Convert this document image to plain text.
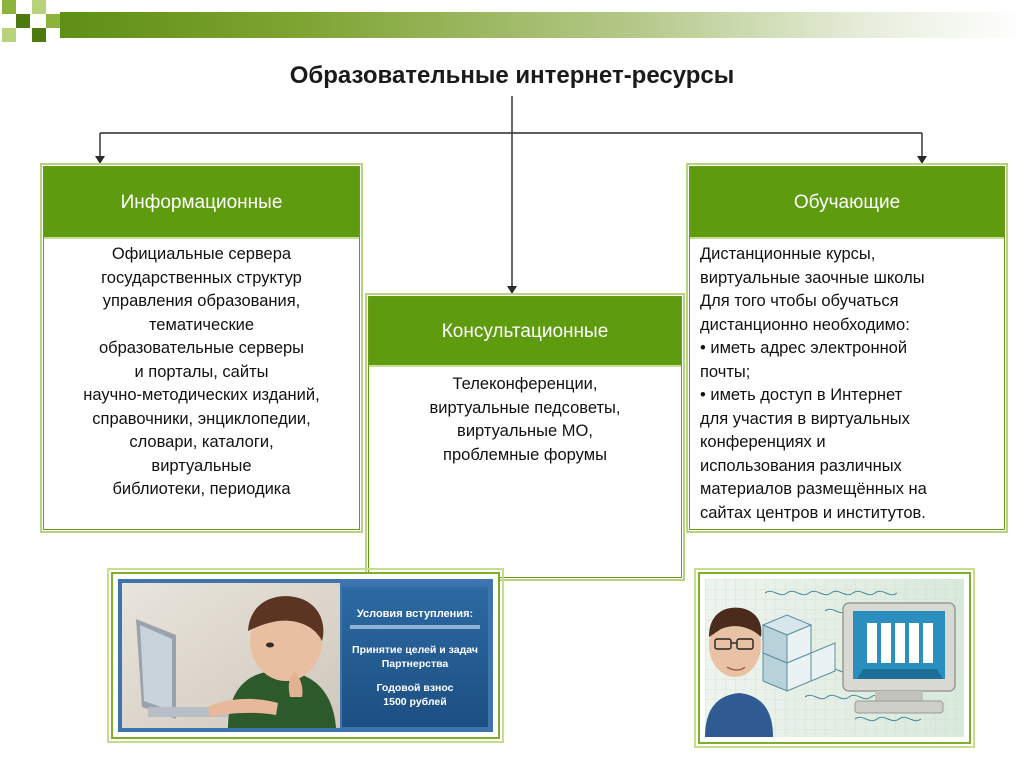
Образовательные интернет-ресурсы
Информационные
Официальные сервера
государственных структур
управления образования,
тематические
образовательные серверы
и порталы, сайты
научно-методических изданий,
справочники, энциклопедии,
словари, каталоги,
виртуальные
библиотеки, периодика
Консультационные
Телеконференции,
виртуальные педсоветы,
виртуальные МО,
проблемные форумы
Обучающие
Дистанционные курсы,
виртуальные заочные школы
Для того чтобы обучаться
дистанционно необходимо:
• иметь адрес электронной
почты;
• иметь доступ в Интернет
для участия в виртуальных
конференциях и
использования различных
материалов размещённых на
сайтах центров и институтов.
Условия вступления:
Принятие целей и задач
Партнерства
Годовой взнос
1500 рублей
